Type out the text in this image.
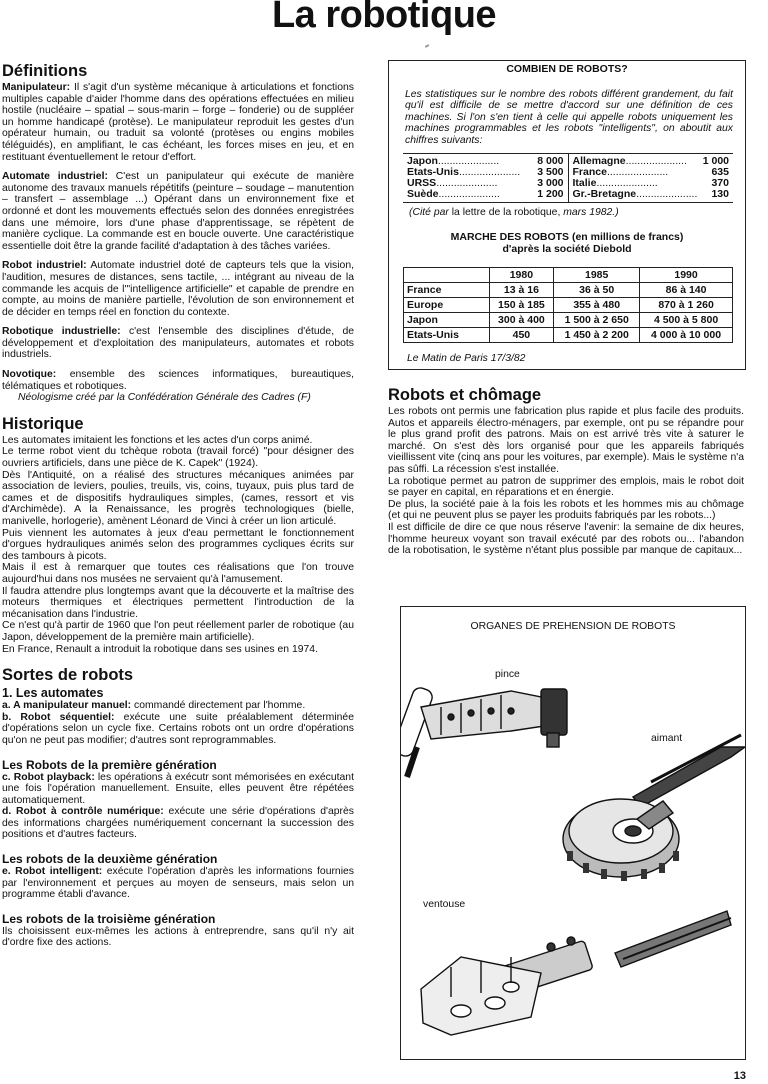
La robotique
Définitions

Manipulateur: Il s'agit d'un système mécanique à articulations et fonctions multiples capable d'aider l'homme dans des opérations effectuées en milieu hostile (nucléaire – spatial – sous-marin – forge – fonderie) ou de suppléer un homme handicapé (protèse). Le manipulateur reproduit les gestes d'un opérateur humain, ou traduit sa volonté (protèses ou engins mobiles téléguidés), en amplifiant, le cas échéant, les forces mises en jeu, et en restituant éventuellement le retour d'effort.

Automate industriel: C'est un panipulateur qui exécute de manière autonome des travaux manuels répétitifs (peinture – soudage – manutention – transfert – assemblage ...) Opérant dans un environnement fixe et ordonné et dont les mouvements effectués selon des données enregistrées dans une mémoire, lors d'une phase d'apprentissage, se répètent de manière cyclique. La commande est en boucle ouverte. Une caractéristique essentielle doit être la grande facilité d'adaptation à des tâches variées.

Robot industriel: Automate industriel doté de capteurs tels que la vision, l'audition, mesures de distances, sens tactile, ... intégrant au niveau de la commande les acquis de l'"intelligence artificielle" et capable de prendre en compte, au moins de manière partielle, l'évolution de son environnement et de décider en temps réel en fonction du contexte.

Robotique industrielle: c'est l'ensemble des disciplines d'étude, de développement et d'exploitation des manipulateurs, automates et robots industriels.

Novotique: ensemble des sciences informatiques, bureautiques, télématiques et robotiques.

Néologisme créé par la Confédération Générale des Cadres (F)

Historique

Les automates imitaient les fonctions et les actes d'un corps animé.

Le terme robot vient du tchèque robota (travail forcé) "pour désigner des ouvriers artificiels, dans une pièce de K. Capek" (1924).

Dès l'Antiquité, on a réalisé des structures mécaniques animées par association de leviers, poulies, treuils, vis, coins, tuyaux, puis plus tard de cames et de dispositifs hydrauliques simples, (cames, ressort et vis d'Archimède). A la Renaissance, les progrès technologiques (bielle, manivelle, horlogerie), amènent Léonard de Vinci à créer un lion articulé.

Puis viennent les automates à jeux d'eau permettant le fonctionnement d'orgues hydrauliques animés selon des programmes cycliques écrits sur des tambours à picots.

Mais il est à remarquer que toutes ces réalisations que l'on trouve aujourd'hui dans nos musées ne servaient qu'à l'amusement.

Il faudra attendre plus longtemps avant que la découverte et la maîtrise des moteurs thermiques et électriques permettent l'introduction de la mécanisation dans l'industrie.

Ce n'est qu'à partir de 1960 que l'on peut réellement parler de robotique (au Japon, développement de la première main artificielle).

En France, Renault a introduit la robotique dans ses usines en 1974.

Sortes de robots
1. Les automates

a. A manipulateur manuel: commandé directement par l'homme.

b. Robot séquentiel: exécute une suite préalablement déterminée d'opérations selon un cycle fixe. Certains robots ont un ordre d'opérations qu'on ne peut pas modifier; d'autres sont reprogrammables.

Les Robots de la première génération

c. Robot playback: les opérations à exécutr sont mémorisées en exécutant une fois l'opération manuellement. Ensuite, elles peuvent être répétées automatiquement.

d. Robot à contrôle numérique: exécute une série d'opérations d'après des informations chargées numériquement concernant la succession des positions et d'autres facteurs.

Les robots de la deuxième génération

e. Robot intelligent: exécute l'opération d'après les informations fournies par l'environnement et perçues au moyen de senseurs, mais selon un programme établi d'avance.

Les robots de la troisième génération

Ils choisissent eux-mêmes les actions à entreprendre, sans qu'il n'y ait d'ordre fixe des actions.

COMBIEN DE ROBOTS?
Les statistiques sur le nombre des robots différent grandement, du fait qu'il est difficile de se mettre d'accord sur une définition de ces machines. Si l'on s'en tient à celle qui appelle robots uniquement les machines programmables et les robots "intelligents", on aboutit aux chiffres suivants:
Japon .....................	8 000
Etats-Unis .....................	3 500
URSS .....................	3 000
Suède .....................	1 200
Allemagne .....................	1 000
France .....................	635
Italie .....................	370
Gr.-Bretagne .....................	130
(Cité par la lettre de la robotique, mars 1982.)
MARCHE DES ROBOTS (en millions de francs)
d'après la société Diebold
	1980	1985	1990
France	13 à 16	36 à 50	86 à 140
Europe	150 à 185	355 à 480	870 à 1 260
Japon	300 à 400	1 500 à 2 650	4 500 à 5 800
Etats-Unis	450	1 450 à 2 200	4 000 à 10 000
Le Matin de Paris 17/3/82
Robots et chômage

Les robots ont permis une fabrication plus rapide et plus facile des produits. Autos et appareils électro-ménagers, par exemple, ont pu se répandre pour le plus grand profit des patrons. Mais on est arrivé très vite à saturer le marché. On s'est dès lors organisé pour que les appareils fabriqués vieillissent vite (cinq ans pour les voitures, par exemple). Mais le système n'a pas sûffi. La récession s'est installée.

La robotique permet au patron de supprimer des emplois, mais le robot doit se payer en capital, en réparations et en énergie.

De plus, la société paie à la fois les robots et les hommes mis au chômage (et qui ne peuvent plus se payer les produits fabriqués par les robots...)

Il est difficile de dire ce que nous réserve l'avenir: la semaine de dix heures, l'homme heureux voyant son travail exécuté par des robots ou... l'abandon de la robotisation, le système n'étant plus possible par manque de capitaux...

ORGANES DE PREHENSION DE ROBOTS
pince
aimant
ventouse
13
